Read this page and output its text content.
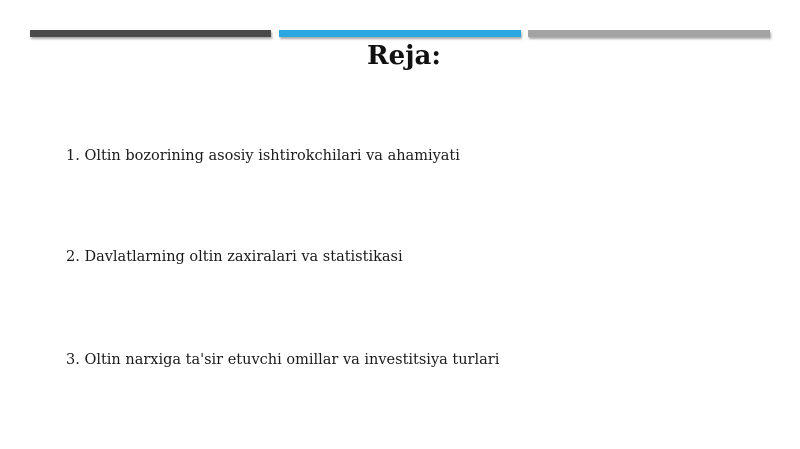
Reja:
1. Oltin bozorining asosiy ishtirokchilari va ahamiyati
2. Davlatlarning oltin zaxiralari va statistikasi
3. Oltin narxiga ta'sir etuvchi omillar va investitsiya turlari
